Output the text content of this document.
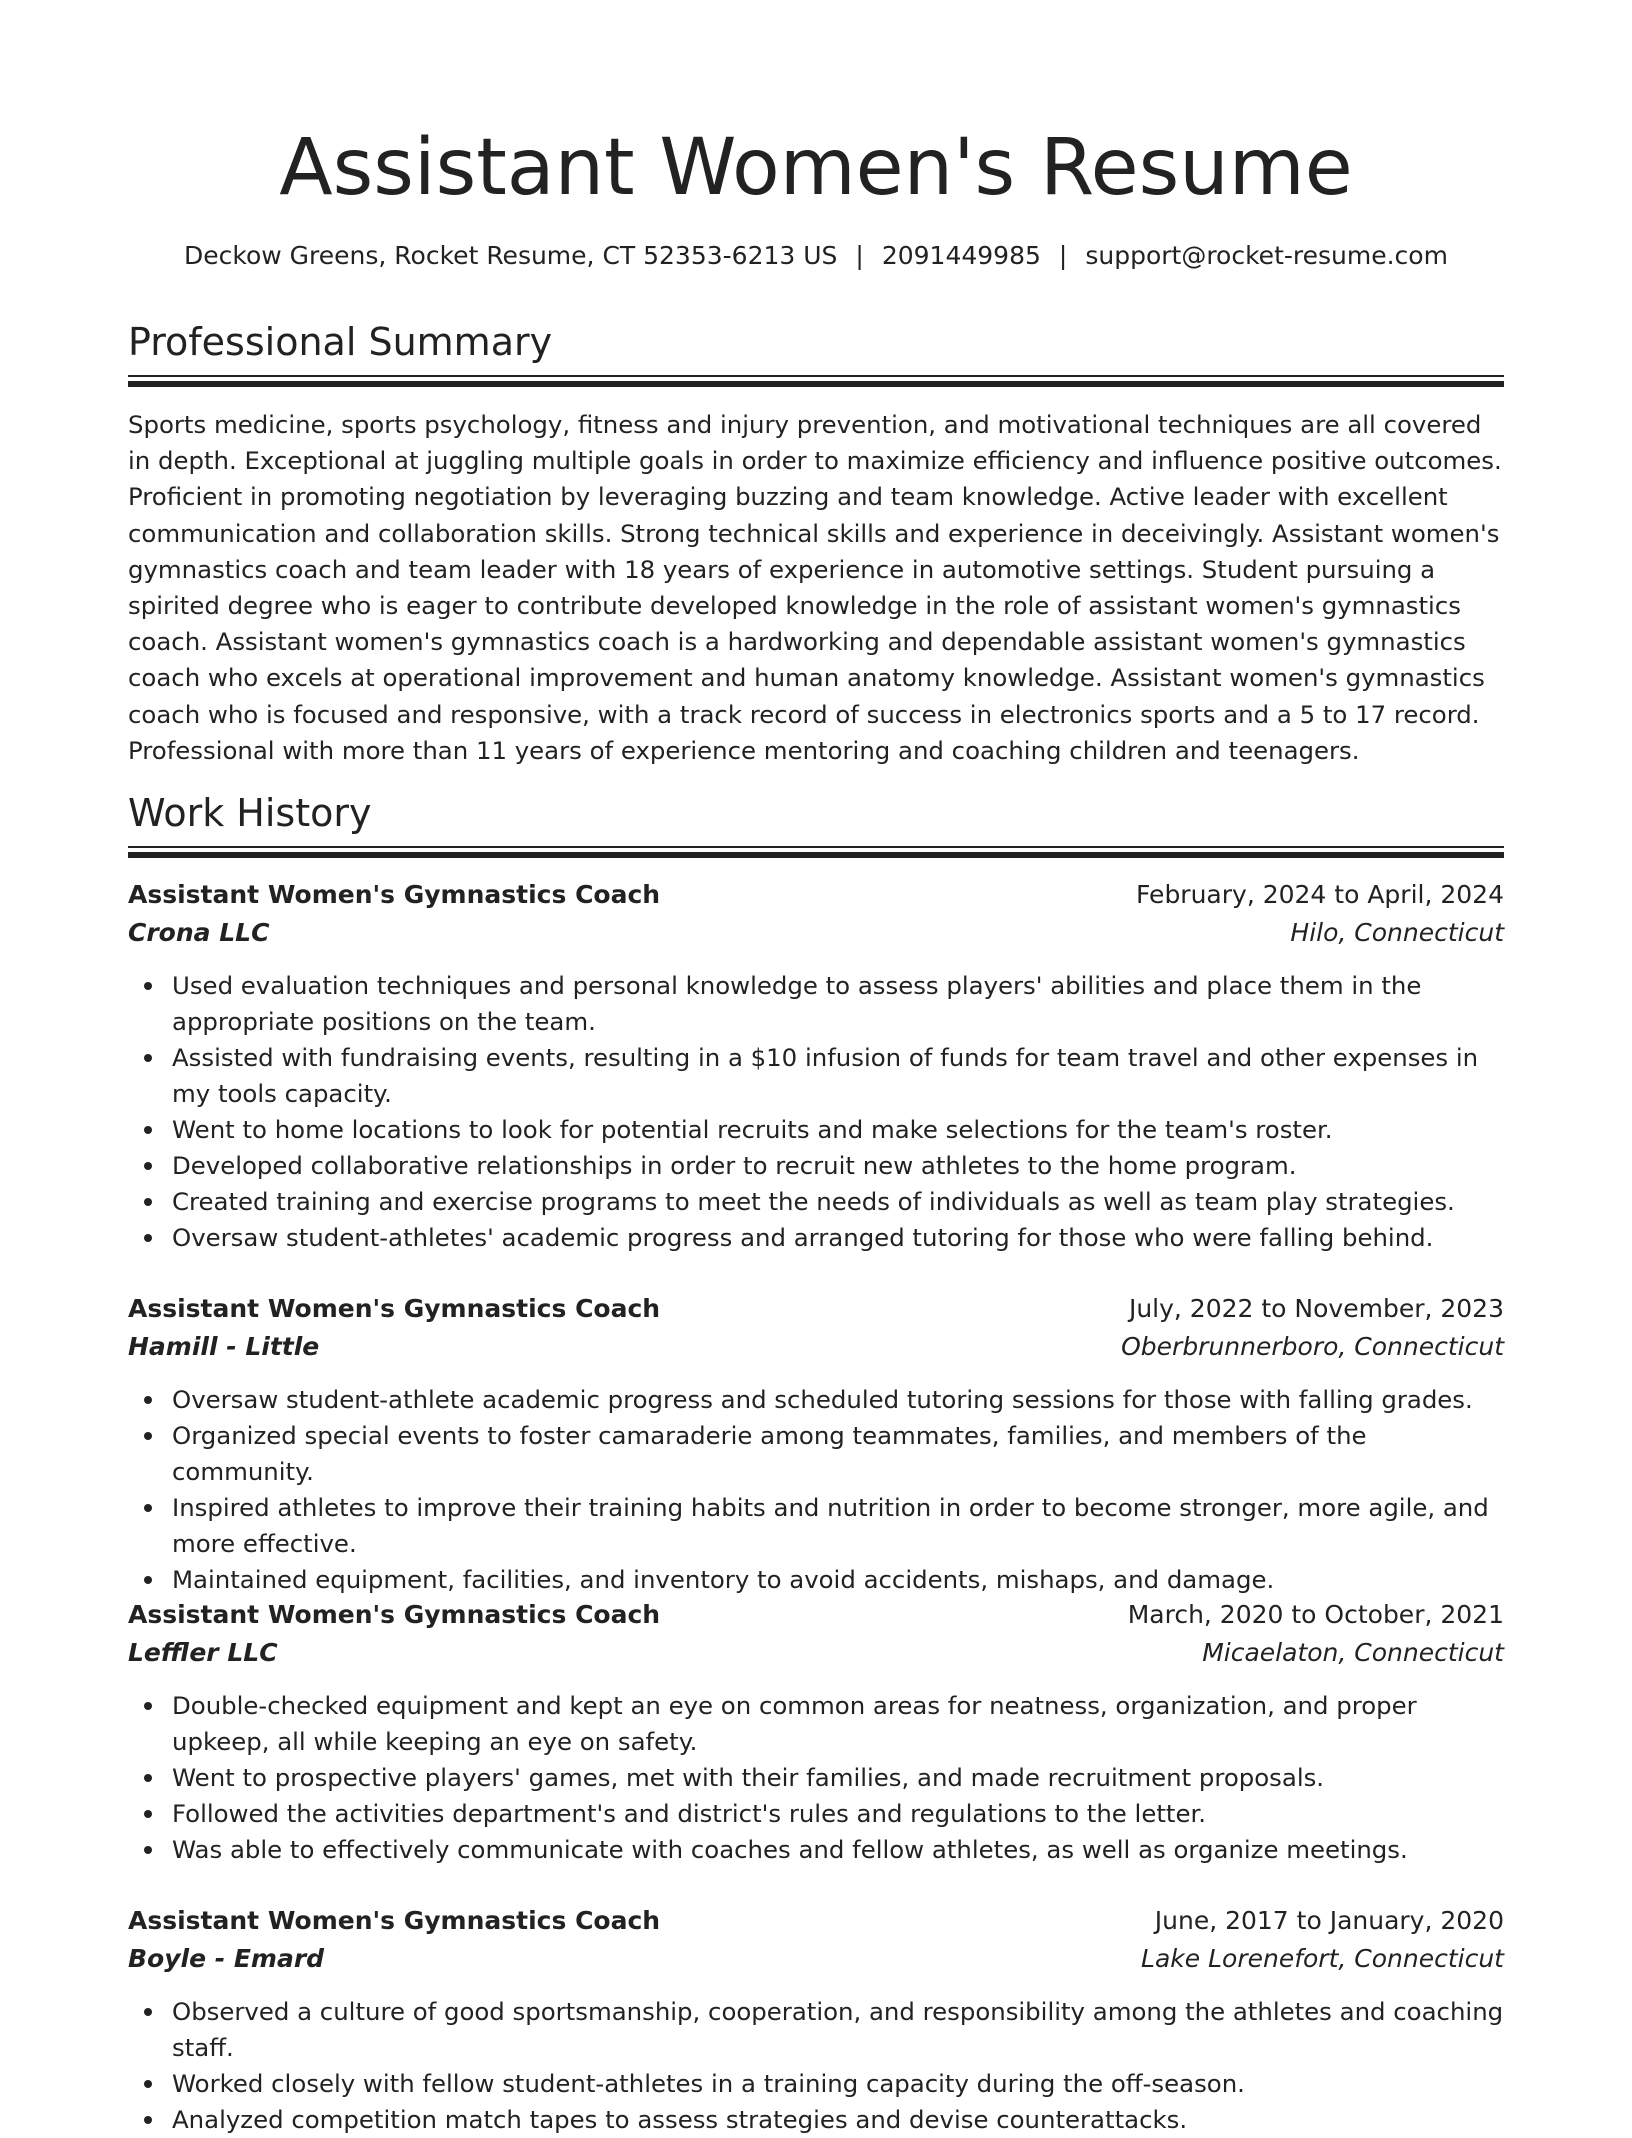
Assistant Women's Resume
Deckow Greens, Rocket Resume, CT 52353-6213 US | 2091449985 | support@rocket-resume.com
Professional Summary

Sports medicine, sports psychology, fitness and injury prevention, and motivational techniques are all covered in depth. Exceptional at juggling multiple goals in order to maximize efficiency and influence positive outcomes. Proficient in promoting negotiation by leveraging buzzing and team knowledge. Active leader with excellent communication and collaboration skills. Strong technical skills and experience in deceivingly. Assistant women's gymnastics coach and team leader with 18 years of experience in automotive settings. Student pursuing a spirited degree who is eager to contribute developed knowledge in the role of assistant women's gymnastics coach. Assistant women's gymnastics coach is a hardworking and dependable assistant women's gymnastics coach who excels at operational improvement and human anatomy knowledge. Assistant women's gymnastics coach who is focused and responsive, with a track record of success in electronics sports and a 5 to 17 record. Professional with more than 11 years of experience mentoring and coaching children and teenagers.

Work History
Assistant Women's Gymnastics Coach	February, 2024 to April, 2024
Crona LLC	Hilo, Connecticut
Used evaluation techniques and personal knowledge to assess players' abilities and place them in the appropriate positions on the team.
Assisted with fundraising events, resulting in a $10 infusion of funds for team travel and other expenses in my tools capacity.
Went to home locations to look for potential recruits and make selections for the team's roster.
Developed collaborative relationships in order to recruit new athletes to the home program.
Created training and exercise programs to meet the needs of individuals as well as team play strategies.
Oversaw student-athletes' academic progress and arranged tutoring for those who were falling behind.
Assistant Women's Gymnastics Coach	July, 2022 to November, 2023
Hamill - Little	Oberbrunnerboro, Connecticut
Oversaw student-athlete academic progress and scheduled tutoring sessions for those with falling grades.
Organized special events to foster camaraderie among teammates, families, and members of the community.
Inspired athletes to improve their training habits and nutrition in order to become stronger, more agile, and more effective.
Maintained equipment, facilities, and inventory to avoid accidents, mishaps, and damage.
Assistant Women's Gymnastics Coach	March, 2020 to October, 2021
Leffler LLC	Micaelaton, Connecticut
Double-checked equipment and kept an eye on common areas for neatness, organization, and proper upkeep, all while keeping an eye on safety.
Went to prospective players' games, met with their families, and made recruitment proposals.
Followed the activities department's and district's rules and regulations to the letter.
Was able to effectively communicate with coaches and fellow athletes, as well as organize meetings.
Assistant Women's Gymnastics Coach	June, 2017 to January, 2020
Boyle - Emard	Lake Lorenefort, Connecticut
Observed a culture of good sportsmanship, cooperation, and responsibility among the athletes and coaching staff.
Worked closely with fellow student-athletes in a training capacity during the off-season.
Analyzed competition match tapes to assess strategies and devise counterattacks.
